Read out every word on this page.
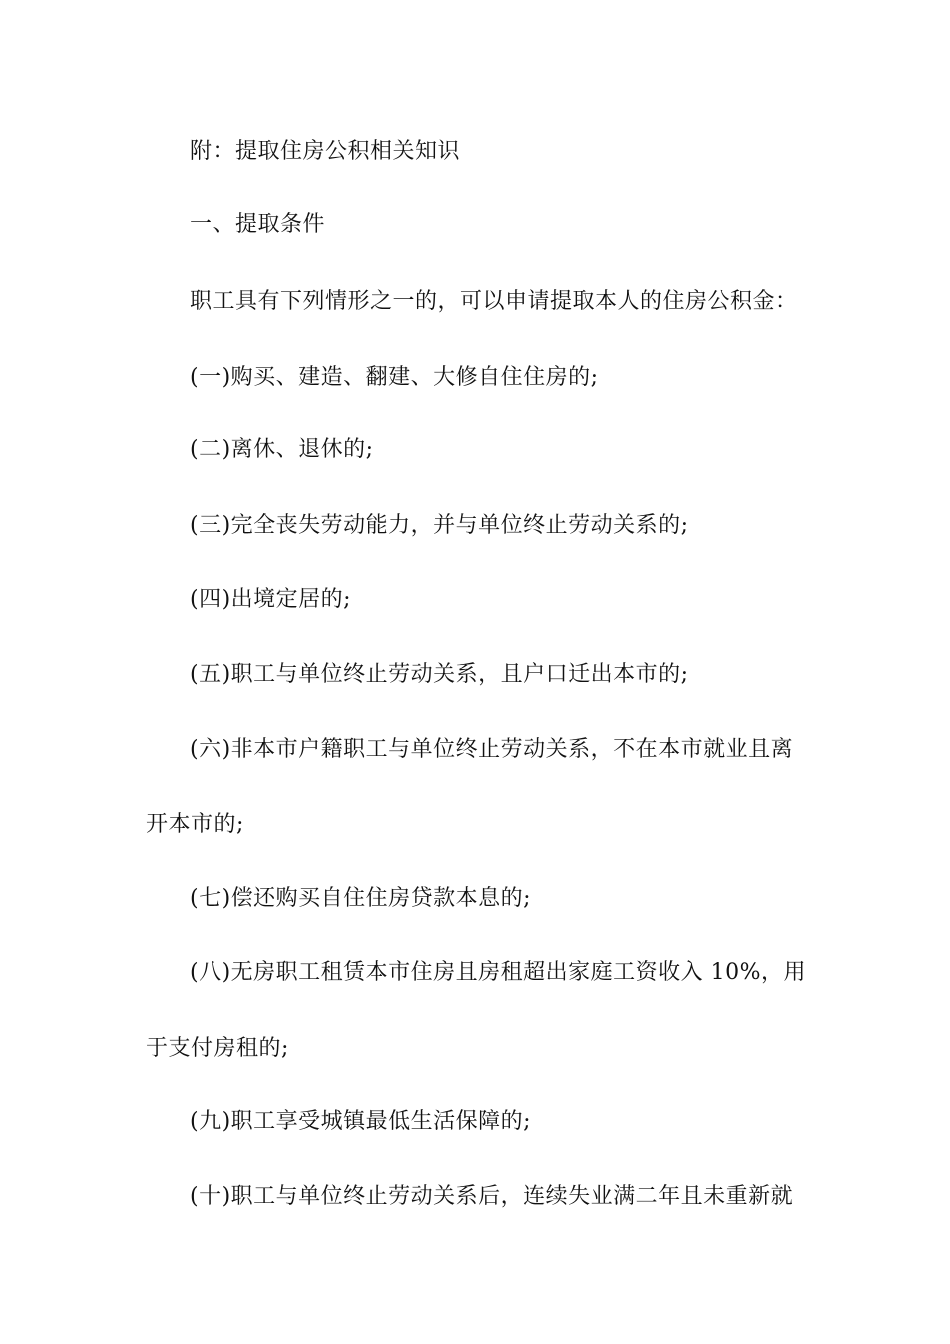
附：提取住房公积相关知识
一、提取条件
职工具有下列情形之一的，可以申请提取本人的住房公积金：
(一)购买、建造、翻建、大修自住住房的;
(二)离休、退休的;
(三)完全丧失劳动能力，并与单位终止劳动关系的;
(四)出境定居的;
(五)职工与单位终止劳动关系，且户口迁出本市的;
(六)非本市户籍职工与单位终止劳动关系，不在本市就业且离
开本市的;
(七)偿还购买自住住房贷款本息的;
(八)无房职工租赁本市住房且房租超出家庭工资收入 10%，用
于支付房租的;
(九)职工享受城镇最低生活保障的;
(十)职工与单位终止劳动关系后，连续失业满二年且未重新就
